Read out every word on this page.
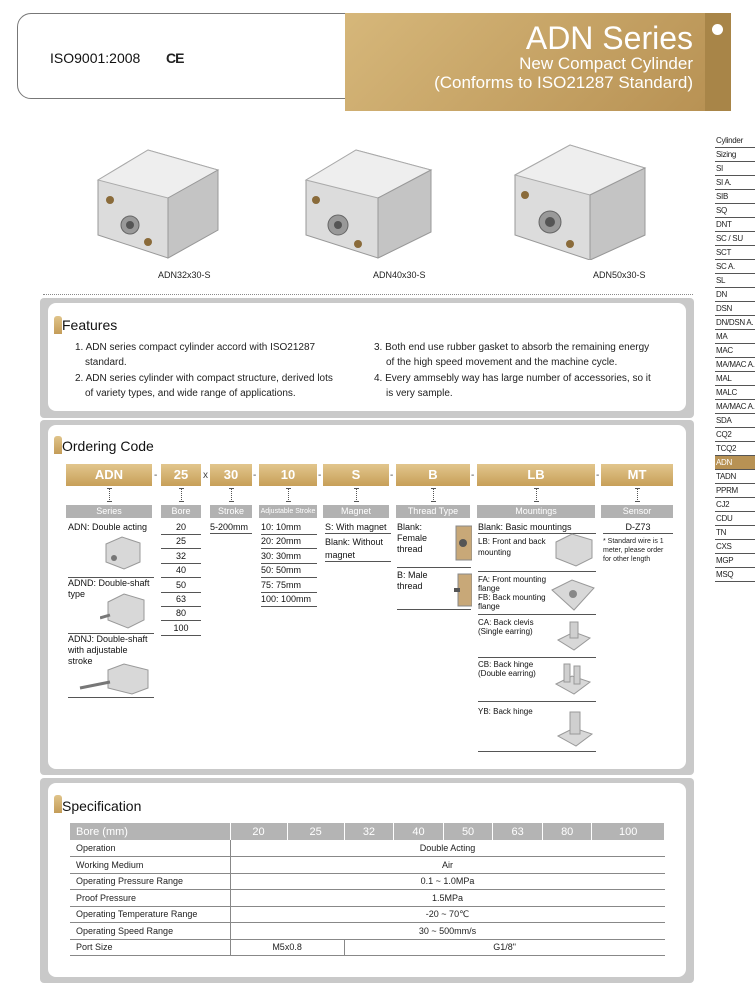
ISO9001:2008 CE
ADN Series
New Compact Cylinder
(Conforms to ISO21287 Standard)
ADN32x30-S	ADN40x30-S	ADN50x30-S
Cylinder
Sizing
SI
SI A.
SIB
SQ
DNT
SC / SU
SCT
SC A.
SL
DN
DSN
DN/DSN A.
MA
MAC
MA/MAC A.
MAL
MALC
MA/MAC A.
SDA
CQ2
TCQ2
ADN
TADN
PPRM
CJ2
CDU
TN
CXS
MGP
MSQ
Features
1. ADN series compact cylinder accord with ISO21287
standard.
2. ADN series cylinder with compact structure, derived lots
of variety types, and wide range of applications.
3. Both end use rubber gasket to absorb the remaining energy
of the high speed movement and the machine cycle.
4. Every ammsebly way has large number of accessories, so it
is very sample.
Ordering Code
ADN	-	25	x	30	-	10	-	S	-	B	-	LB	-	MT
Series	Bore	Stroke	Adjustable Stroke	Magnet	Thread Type	Mountings	Sensor
ADN: Double acting
ADND: Double-shaft type
ADNJ: Double-shaft with adjustable stroke
20
25
32
40
50
63
80
100
5-200mm	10: 10mm
20: 20mm
30: 30mm
50: 50mm
75: 75mm
100: 100mm
S: With magnet
Blank: Without magnet
Blank: Female thread
B: Male thread
Blank: Basic mountings
LB: Front and back mounting
FA: Front mounting flange
FB: Back mounting flange
CA: Back clevis (Single earring)
CB: Back hinge (Double earring)
YB: Back hinge
D-Z73
* Standard wire is 1 meter, please order for other length
Specification
Bore (mm)	20	25	32	40	50	63	80	100
Operation	Double Acting							
Working Medium	Air							
Operating Pressure Range	0.1 ~ 1.0MPa							
Proof Pressure	1.5MPa							
Operating Temperature Range	-20 ~ 70℃							
Operating Speed Range	30 ~ 500mm/s							
Port Size	M5x0.8		G1/8"					
